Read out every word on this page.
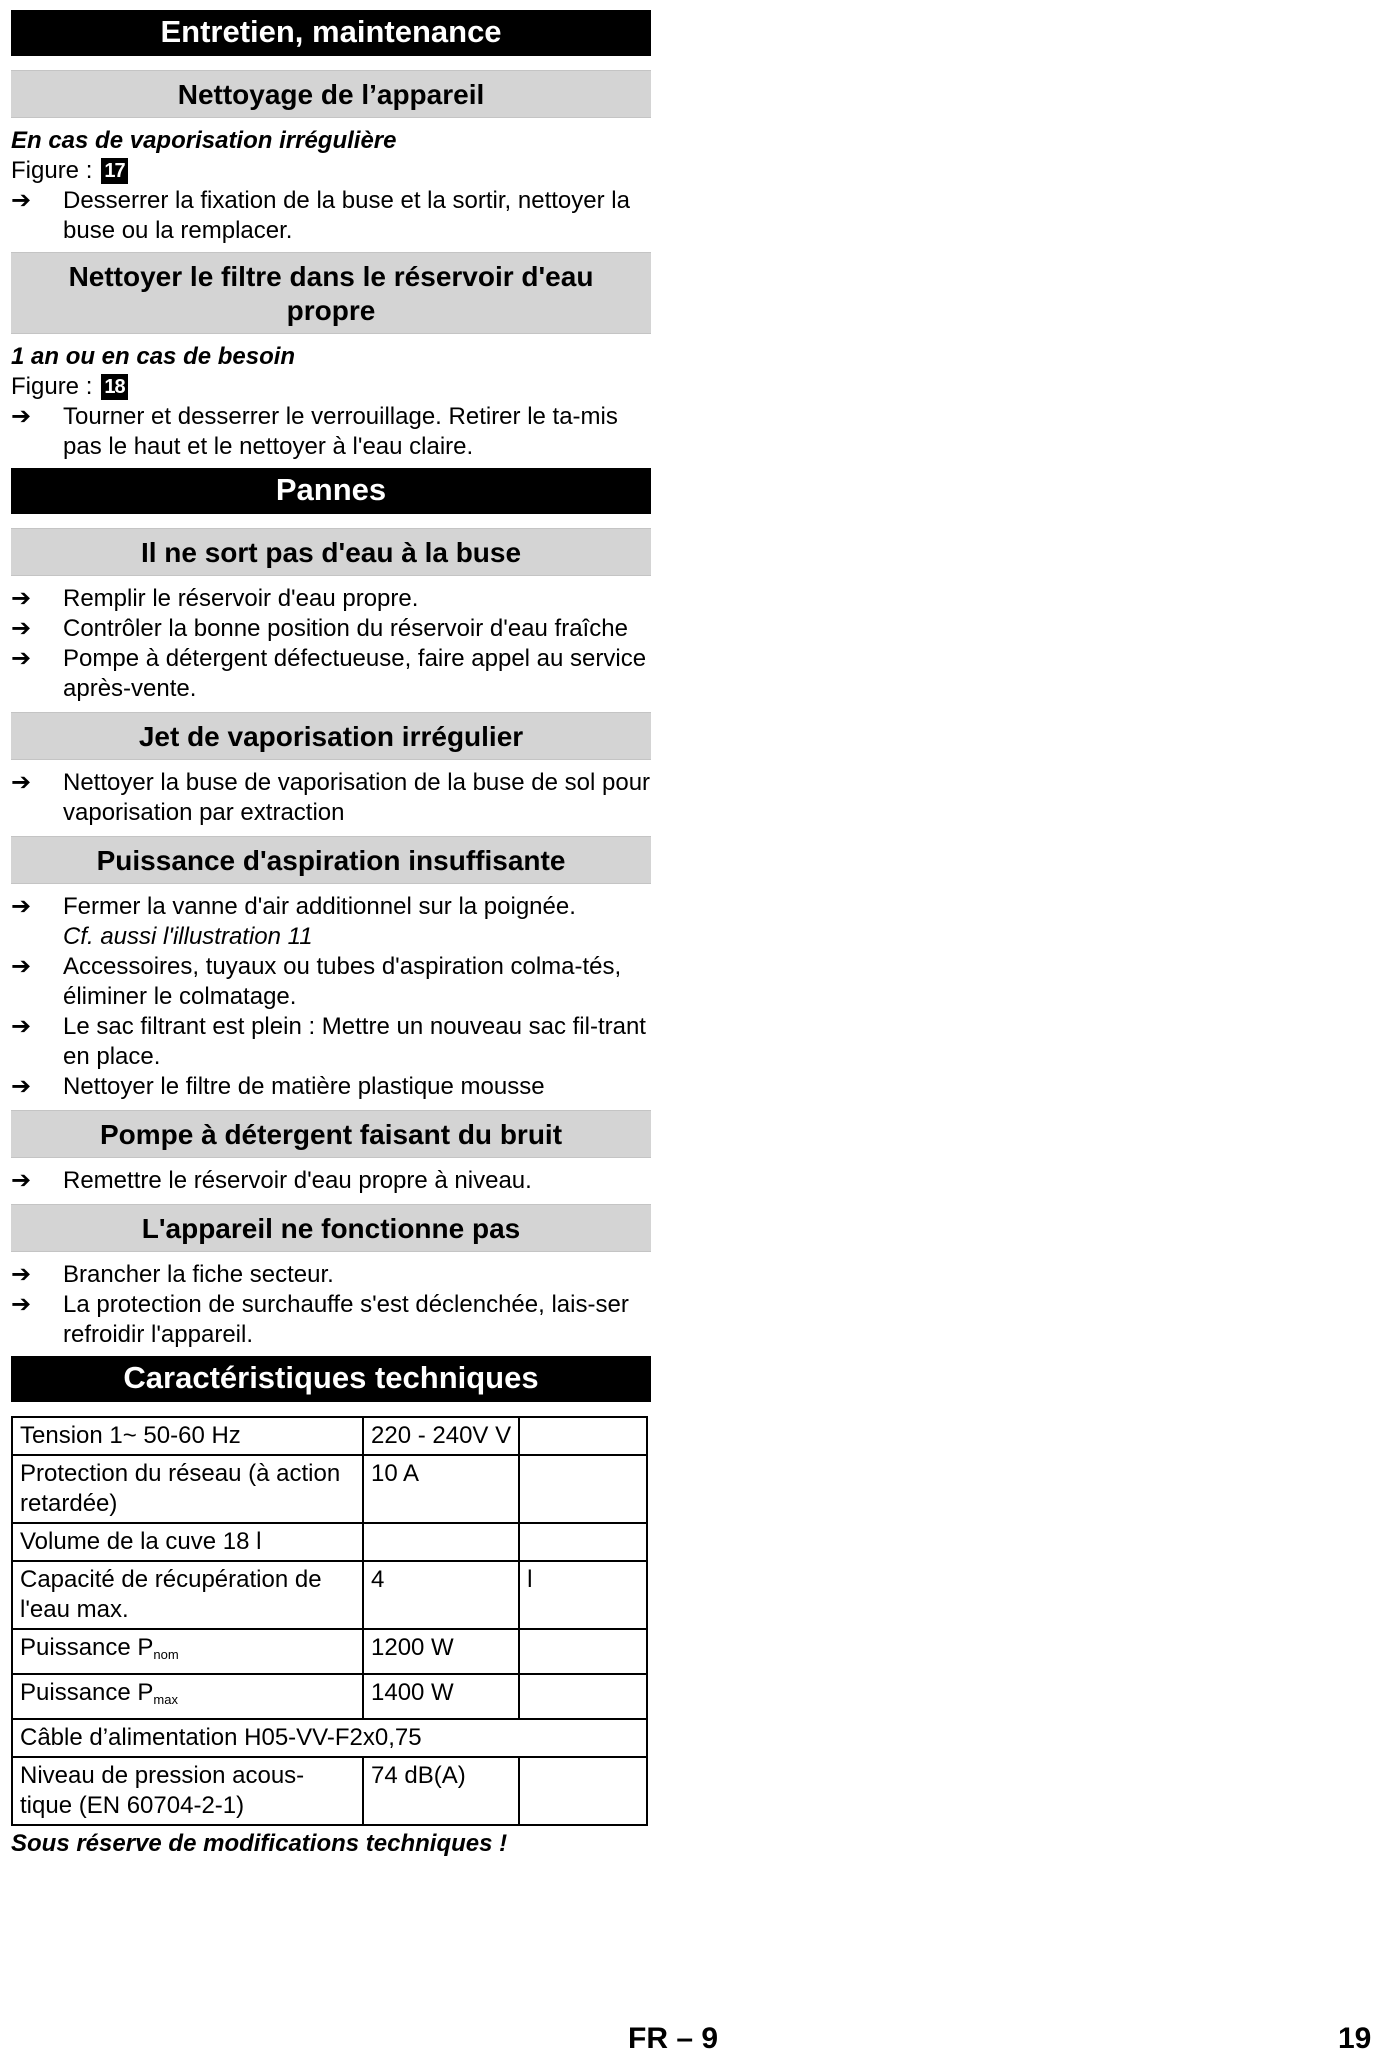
Entretien, maintenance
Nettoyage de l’appareil
En cas de vaporisation irrégulière
Figure : 17
➔ Desserrer la fixation de la buse et la sortir, nettoyer la buse ou la remplacer.
Nettoyer le filtre dans le réservoir d'eau propre
1 an ou en cas de besoin
Figure : 18
➔ Tourner et desserrer le verrouillage. Retirer le ta-mis pas le haut et le nettoyer à l'eau claire.
Pannes
Il ne sort pas d'eau à la buse
➔ Remplir le réservoir d'eau propre.
➔ Contrôler la bonne position du réservoir d'eau fraîche
➔ Pompe à détergent défectueuse, faire appel au service après-vente.
Jet de vaporisation irrégulier
➔ Nettoyer la buse de vaporisation de la buse de sol pour vaporisation par extraction
Puissance d'aspiration insuffisante
➔ Fermer la vanne d'air additionnel sur la poignée.
Cf. aussi l'illustration 11
➔ Accessoires, tuyaux ou tubes d'aspiration colma-tés, éliminer le colmatage.
➔ Le sac filtrant est plein : Mettre un nouveau sac fil-trant en place.
➔ Nettoyer le filtre de matière plastique mousse
Pompe à détergent faisant du bruit
➔ Remettre le réservoir d'eau propre à niveau.
L'appareil ne fonctionne pas
➔ Brancher la fiche secteur.
➔ La protection de surchauffe s'est déclenchée, lais-ser refroidir l'appareil.
Caractéristiques techniques
Tension 1~ 50-60 Hz	220 - 240V V	
Protection du réseau (à action retardée)	10 A	
Volume de la cuve 18 l		
Capacité de récupération de l'eau max.	4	l
Puissance $P_{nom}$	1200 W	
Puissance $P_{max}$	1400 W	
Câble d’alimentation H05-VV-F2x0,75		
Niveau de pression acous-tique (EN 60704-2-1)	74 dB(A)	
Sous réserve de modifications techniques !
FR – 9	19
